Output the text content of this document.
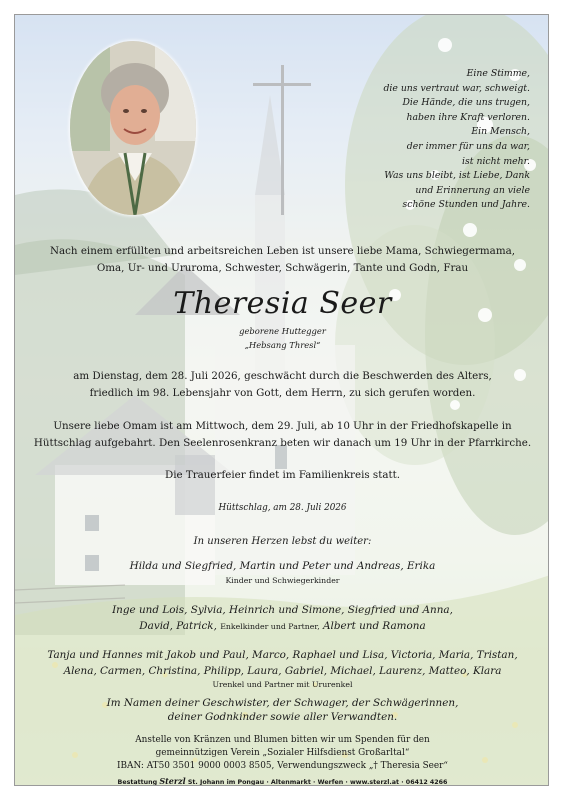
Eine Stimme,
die uns vertraut war, schweigt.
Die Hände, die uns trugen,
haben ihre Kraft verloren.
Ein Mensch,
der immer für uns da war,
ist nicht mehr.
Was uns bleibt, ist Liebe, Dank
und Erinnerung an viele
schöne Stunden und Jahre.
Nach einem erfüllten und arbeitsreichen Leben ist unsere liebe Mama, Schwiegermama,
Oma, Ur- und Ururoma, Schwester, Schwägerin, Tante und Godn, Frau
Theresia Seer
geborene Huttegger
„Hebsang Thresl“
am Dienstag, dem 28. Juli 2026, geschwächt durch die Beschwerden des Alters,
friedlich im 98. Lebensjahr von Gott, dem Herrn, zu sich gerufen worden.
Unsere liebe Omam ist am Mittwoch, dem 29. Juli, ab 10 Uhr in der Friedhofskapelle in
Hüttschlag aufgebahrt. Den Seelenrosenkranz beten wir danach um 19 Uhr in der Pfarrkirche.
Die Trauerfeier findet im Familienkreis statt.
Hüttschlag, am 28. Juli 2026
In unseren Herzen lebst du weiter:
Hilda und Siegfried, Martin und Peter und Andreas, Erika
Kinder und Schwiegerkinder
Inge und Lois, Sylvia, Heinrich und Simone, Siegfried und Anna,
David, Patrick, Enkelkinder und Partner, Albert und Ramona
Tanja und Hannes mit Jakob und Paul, Marco, Raphael und Lisa, Victoria, Maria, Tristan,
Alena, Carmen, Christina, Philipp, Laura, Gabriel, Michael, Laurenz, Matteo, Klara
Urenkel und Partner mit Ururenkel
Im Namen deiner Geschwister, der Schwager, der Schwägerinnen,
deiner Godnkinder sowie aller Verwandten.
Anstelle von Kränzen und Blumen bitten wir um Spenden für den
gemeinnützigen Verein „Sozialer Hilfsdienst Großarltal“
IBAN: AT50 3501 9000 0003 8505, Verwendungszweck „† Theresia Seer“
Bestattung Sterzl St. Johann im Pongau · Altenmarkt · Werfen · www.sterzl.at · 06412 4266
